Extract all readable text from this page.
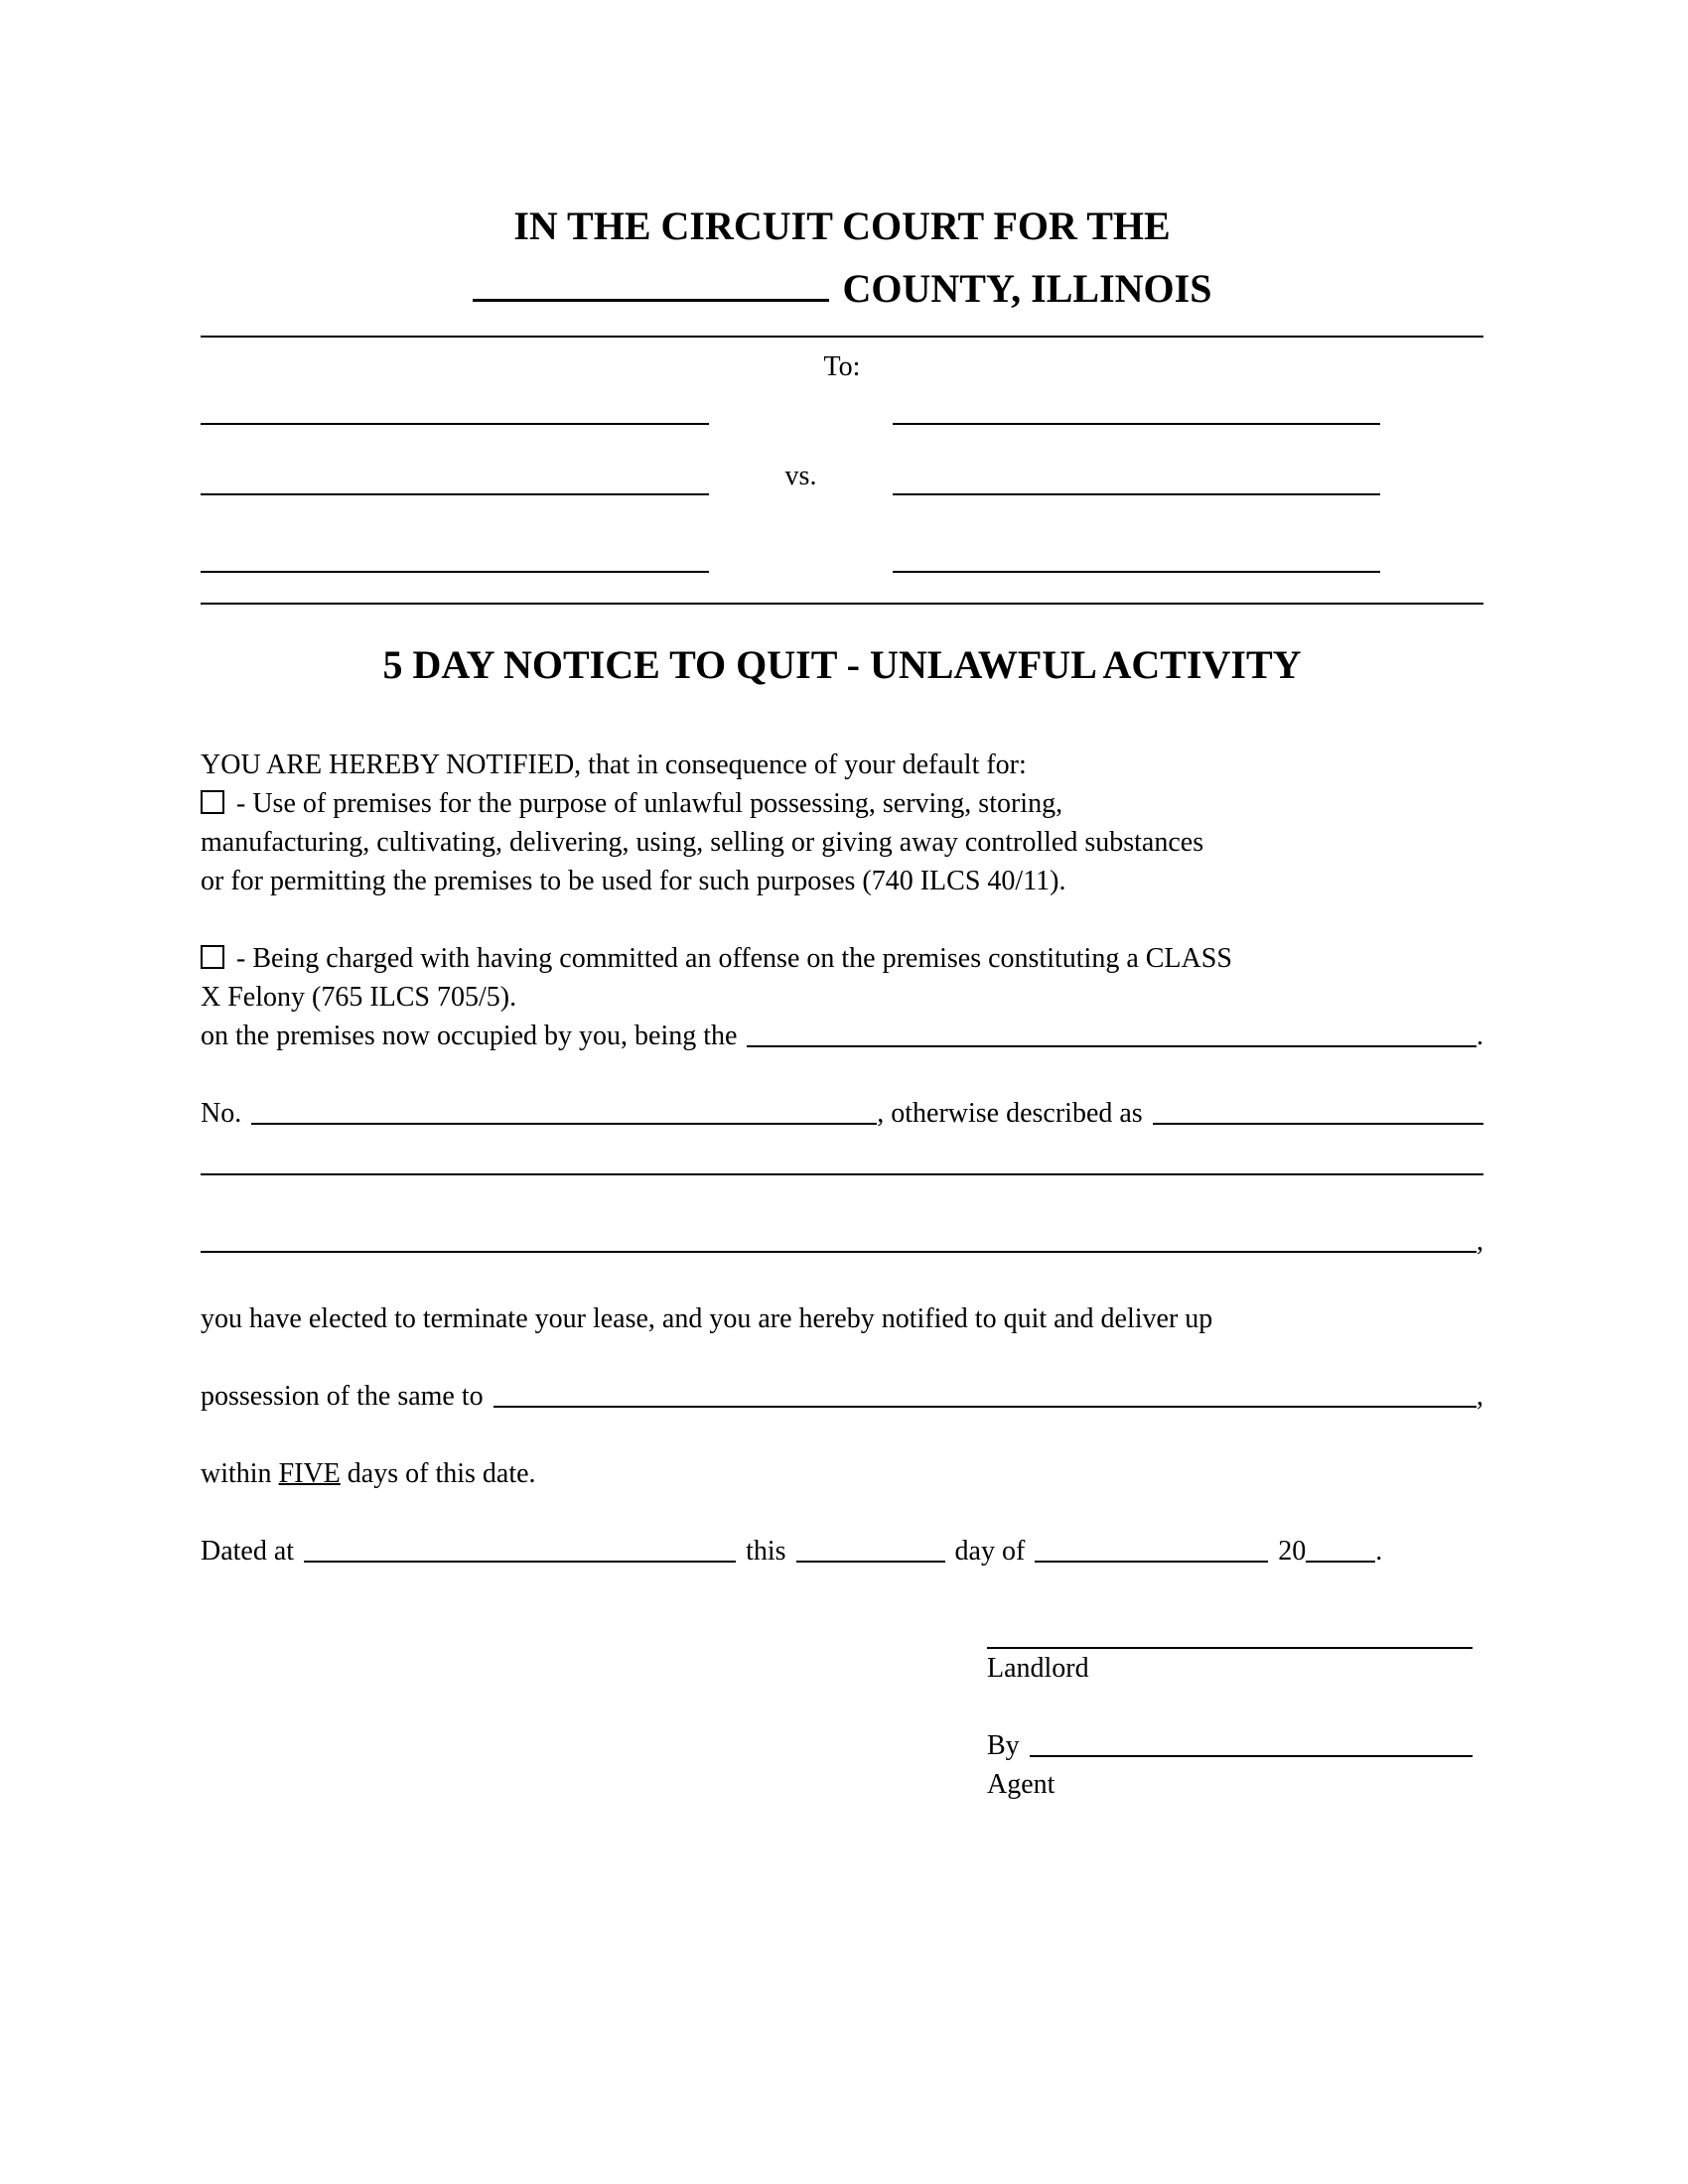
IN THE CIRCUIT COURT FOR THE
COUNTY, ILLINOIS
To:
vs.
5 DAY NOTICE TO QUIT - UNLAWFUL ACTIVITY
YOU ARE HEREBY NOTIFIED, that in consequence of your default for:
- Use of premises for the purpose of unlawful possessing, serving, storing,
manufacturing, cultivating, delivering, using, selling or giving away controlled substances
or for permitting the premises to be used for such purposes (740 ILCS 40/11).
- Being charged with having committed an offense on the premises constituting a CLASS
X Felony (765 ILCS 705/5).
on the premises now occupied by you, being the	.
No.	, otherwise described as
,
you have elected to terminate your lease, and you are hereby notified to quit and deliver up
possession of the same to	,
within FIVE days of this date.
Dated at	this	day of	20	.
Landlord
By
Agent
